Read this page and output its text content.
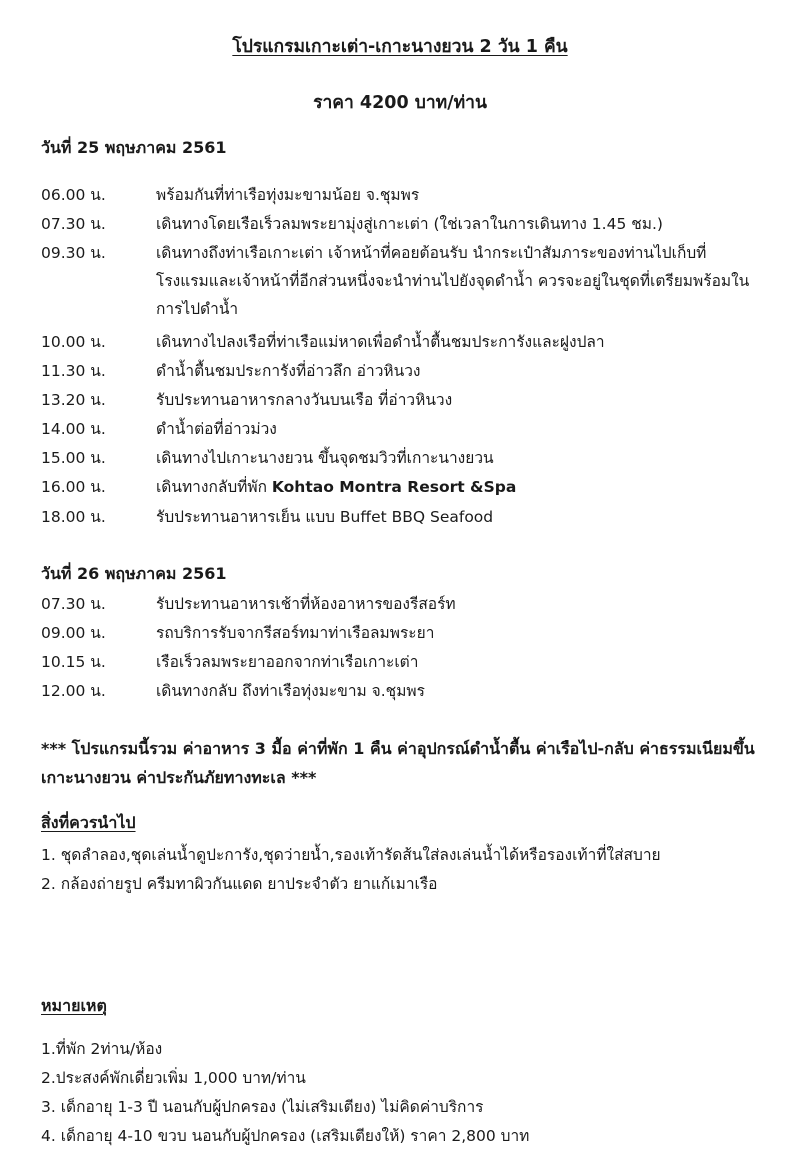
โปรแกรมเกาะเต่า-เกาะนางยวน 2 วัน 1 คืน
ราคา 4200 บาท/ท่าน
วันที่ 25 พฤษภาคม 2561
06.00 น.	พร้อมกันที่ท่าเรือทุ่งมะขามน้อย จ.ชุมพร
07.30 น.	เดินทางโดยเรือเร็วลมพระยามุ่งสู่เกาะเต่า (ใช่เวลาในการเดินทาง 1.45 ชม.)
09.30 น.	เดินทางถึงท่าเรือเกาะเต่า เจ้าหน้าที่คอยต้อนรับ นำกระเป๋าสัมภาระของท่านไปเก็บที่
โรงแรมและเจ้าหน้าที่อีกส่วนหนึ่งจะนำท่านไปยังจุดดำน้ำ ควรจะอยู่ในชุดที่เตรียมพร้อมใน
การไปดำน้ำ
10.00 น.	เดินทางไปลงเรือที่ท่าเรือแม่หาดเพื่อดำน้ำตื้นชมประการังและฝูงปลา
11.30 น.	ดำน้ำตื้นชมประการังที่อ่าวลึก อ่าวหินวง
13.20 น.	รับประทานอาหารกลางวันบนเรือ ที่อ่าวหินวง
14.00 น.	ดำน้ำต่อที่อ่าวม่วง
15.00 น.	เดินทางไปเกาะนางยวน ขึ้นจุดชมวิวที่เกาะนางยวน
16.00 น.	เดินทางกลับที่พัก Kohtao Montra Resort &Spa
18.00 น.	รับประทานอาหารเย็น แบบ Buffet BBQ Seafood
วันที่ 26 พฤษภาคม 2561
07.30 น.	รับประทานอาหารเช้าที่ห้องอาหารของรีสอร์ท
09.00 น.	รถบริการรับจากรีสอร์ทมาท่าเรือลมพระยา
10.15 น.	เรือเร็วลมพระยาออกจากท่าเรือเกาะเต่า
12.00 น.	เดินทางกลับ ถึงท่าเรือทุ่งมะขาม จ.ชุมพร
*** โปรแกรมนี้รวม ค่าอาหาร 3 มื้อ ค่าที่พัก 1 คืน ค่าอุปกรณ์ดำน้ำตื้น ค่าเรือไป-กลับ ค่าธรรมเนียมขึ้น
เกาะนางยวน ค่าประกันภัยทางทะเล ***
สิ่งที่ควรนำไป
1. ชุดลำลอง,ชุดเล่นน้ำดูปะการัง,ชุดว่ายน้ำ,รองเท้ารัดส้นใส่ลงเล่นน้ำได้หรือรองเท้าที่ใส่สบาย
2. กล้องถ่ายรูป ครีมทาผิวกันแดด ยาประจำตัว ยาแก้เมาเรือ
หมายเหตุ
1.ที่พัก 2ท่าน/ห้อง
2.ประสงค์พักเดี่ยวเพิ่ม 1,000 บาท/ท่าน
3. เด็กอายุ 1-3 ปี นอนกับผู้ปกครอง (ไม่เสริมเตียง) ไม่คิดค่าบริการ
4. เด็กอายุ 4-10 ขวบ นอนกับผู้ปกครอง (เสริมเตียงให้) ราคา 2,800 บาท
